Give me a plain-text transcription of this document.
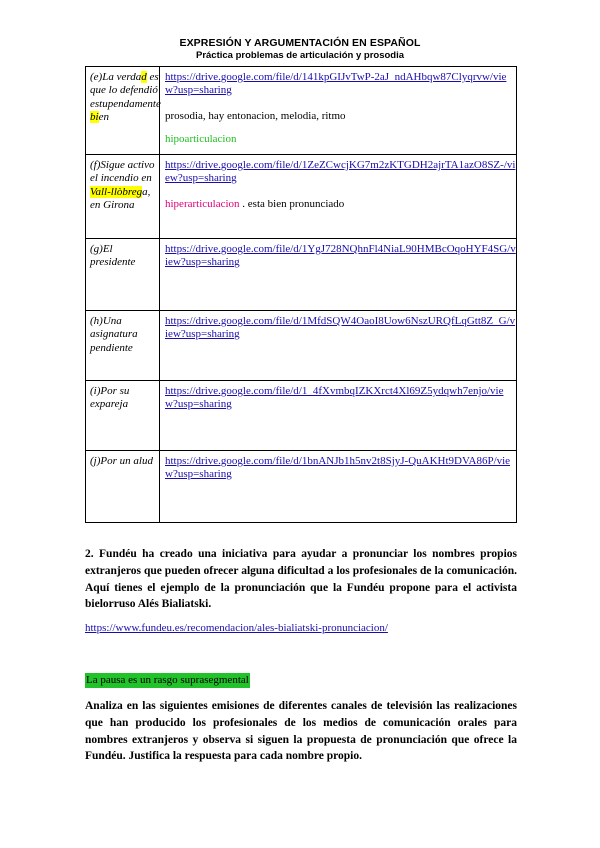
EXPRESIÓN Y ARGUMENTACIÓN EN ESPAÑOL
Práctica problemas de articulación y prosodia
(e)La verdad es que lo defendió estupendamente bien	https://drive.google.com/file/d/141kpGIJvTwP-2aJ_ndAHbqw87Clyqrvw/view?usp=sharing
prosodia, hay entonacion, melodia, ritmo
hipoarticulacion

(f)Sigue activo el incendio en Vall-llòbrega, en Girona	https://drive.google.com/file/d/1ZeZCwcjKG7m2zKTGDH2ajrTA1azO8SZ-/view?usp=sharing
hiperarticulacion . esta bien pronunciado

(g)El presidente	https://drive.google.com/file/d/1YgJ728NQhnFl4NiaL90HMBcOqoHYF4SG/view?usp=sharing

(h)Una asignatura pendiente	https://drive.google.com/file/d/1MfdSQW4OaoI8Uow6NszURQfLqGtt8Z_G/view?usp=sharing

(i)Por su expareja	https://drive.google.com/file/d/1_4fXvmbqIZKXrct4Xl69Z5ydqwh7enjo/view?usp=sharing

(j)Por un alud	https://drive.google.com/file/d/1bnANJb1h5nv2t8SjyJ-QuAKHt9DVA86P/view?usp=sharing
2. Fundéu ha creado una iniciativa para ayudar a pronunciar los nombres propios extranjeros que pueden ofrecer alguna dificultad a los profesionales de la comunicación. Aquí tienes el ejemplo de la pronunciación que la Fundéu propone para el activista bielorruso Alés Bialiatski.
https://www.fundeu.es/recomendacion/ales-bialiatski-pronunciacion/
La pausa es un rasgo suprasegmental
Analiza en las siguientes emisiones de diferentes canales de televisión las realizaciones que han producido los profesionales de los medios de comunicación orales para nombres extranjeros y observa si siguen la propuesta de pronunciación que ofrece la Fundéu. Justifica la respuesta para cada nombre propio.
